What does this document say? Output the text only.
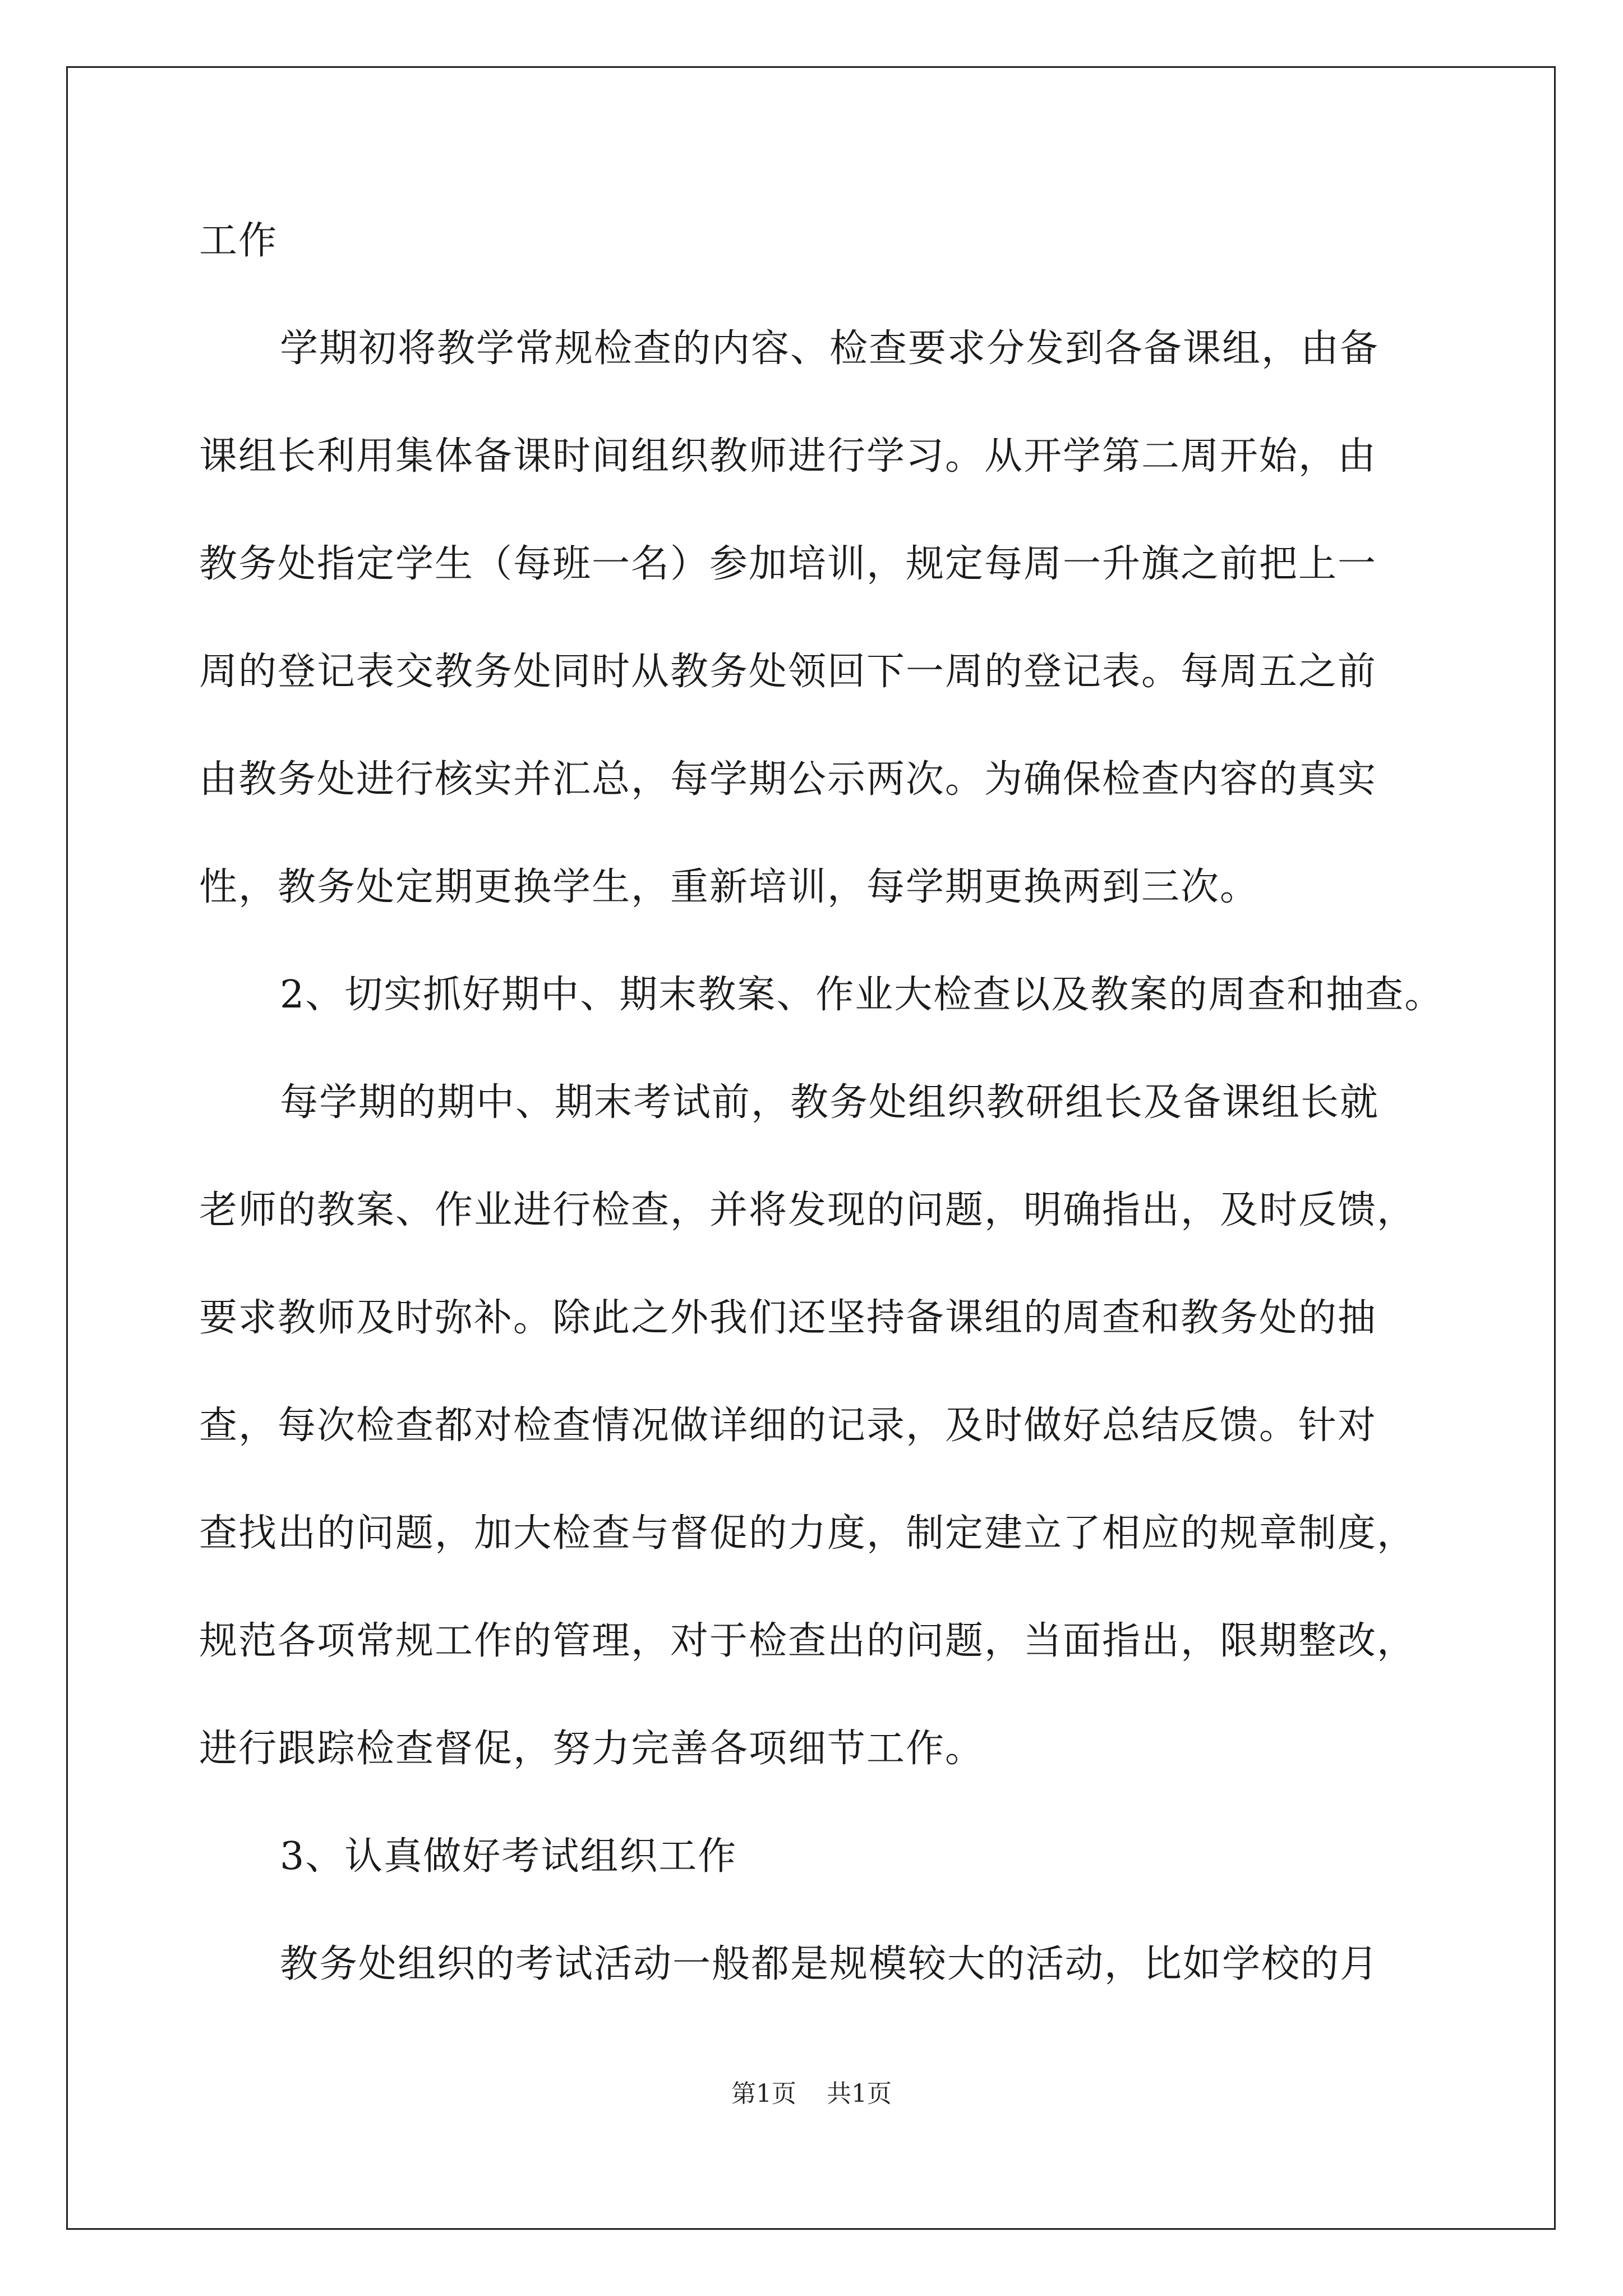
工作
学期初将教学常规检查的内容、检查要求分发到各备课组，由备
课组长利用集体备课时间组织教师进行学习。从开学第二周开始，由
教务处指定学生（每班一名）参加培训，规定每周一升旗之前把上一
周的登记表交教务处同时从教务处领回下一周的登记表。每周五之前
由教务处进行核实并汇总，每学期公示两次。为确保检查内容的真实
性，教务处定期更换学生，重新培训，每学期更换两到三次。
2、切实抓好期中、期末教案、作业大检查以及教案的周查和抽查。
每学期的期中、期末考试前，教务处组织教研组长及备课组长就
老师的教案、作业进行检查，并将发现的问题，明确指出，及时反馈，
要求教师及时弥补。除此之外我们还坚持备课组的周查和教务处的抽
查，每次检查都对检查情况做详细的记录，及时做好总结反馈。针对
查找出的问题，加大检查与督促的力度，制定建立了相应的规章制度，
规范各项常规工作的管理，对于检查出的问题，当面指出，限期整改，
进行跟踪检查督促，努力完善各项细节工作。
3、认真做好考试组织工作
教务处组织的考试活动一般都是规模较大的活动，比如学校的月
第1页 共1页
